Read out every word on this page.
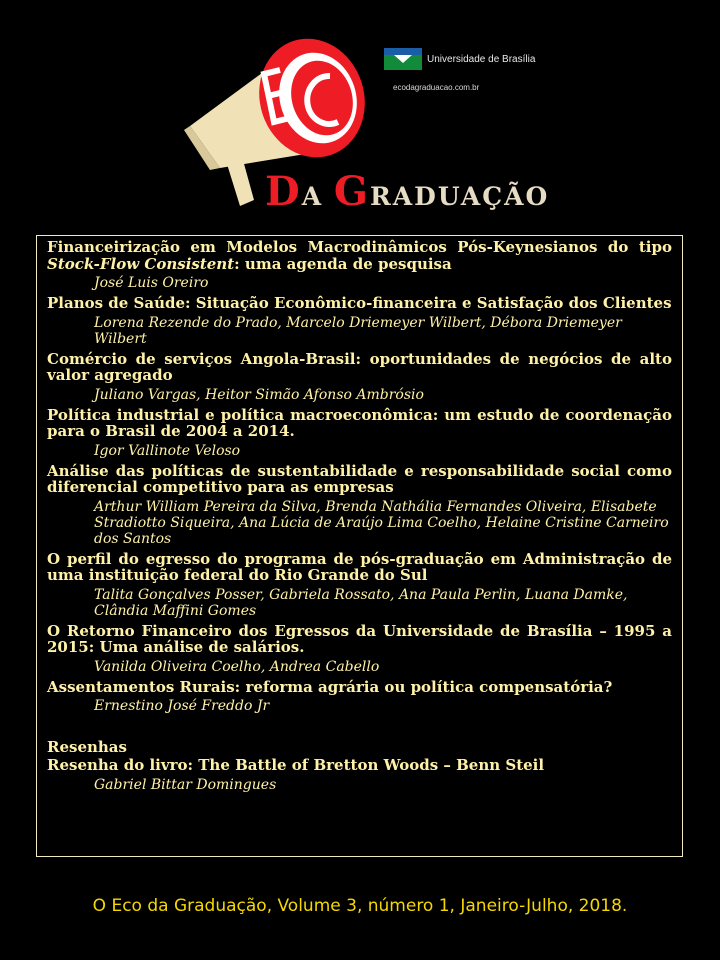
DA GRADUAÇÃO
Universidade de Brasília
ecodagraduacao.com.br

Financeirização em Modelos Macrodinâmicos Pós-Keynesianos do tipo Stock-Flow Consistent: uma agenda de pesquisa

José Luis Oreiro

Planos de Saúde: Situação Econômico-financeira e Satisfação dos Clientes

Lorena Rezende do Prado, Marcelo Driemeyer Wilbert, Débora Driemeyer Wilbert

Comércio de serviços Angola-Brasil: oportunidades de negócios de alto valor agregado

Juliano Vargas, Heitor Simão Afonso Ambrósio

Política industrial e política macroeconômica: um estudo de coordenação para o Brasil de 2004 a 2014.

Igor Vallinote Veloso

Análise das políticas de sustentabilidade e responsabilidade social como diferencial competitivo para as empresas

Arthur William Pereira da Silva, Brenda Nathália Fernandes Oliveira, Elisabete Stradiotto Siqueira, Ana Lúcia de Araújo Lima Coelho, Helaine Cristine Carneiro dos Santos

O perfil do egresso do programa de pós-graduação em Administração de uma instituição federal do Rio Grande do Sul

Talita Gonçalves Posser, Gabriela Rossato, Ana Paula Perlin, Luana Damke, Clândia Maffini Gomes

O Retorno Financeiro dos Egressos da Universidade de Brasília – 1995 a 2015: Uma análise de salários.

Vanilda Oliveira Coelho, Andrea Cabello

Assentamentos Rurais: reforma agrária ou política compensatória?

Ernestino José Freddo Jr

Resenhas

Resenha do livro: The Battle of Bretton Woods – Benn Steil

Gabriel Bittar Domingues

O Eco da Graduação, Volume 3, número 1, Janeiro-Julho, 2018.
